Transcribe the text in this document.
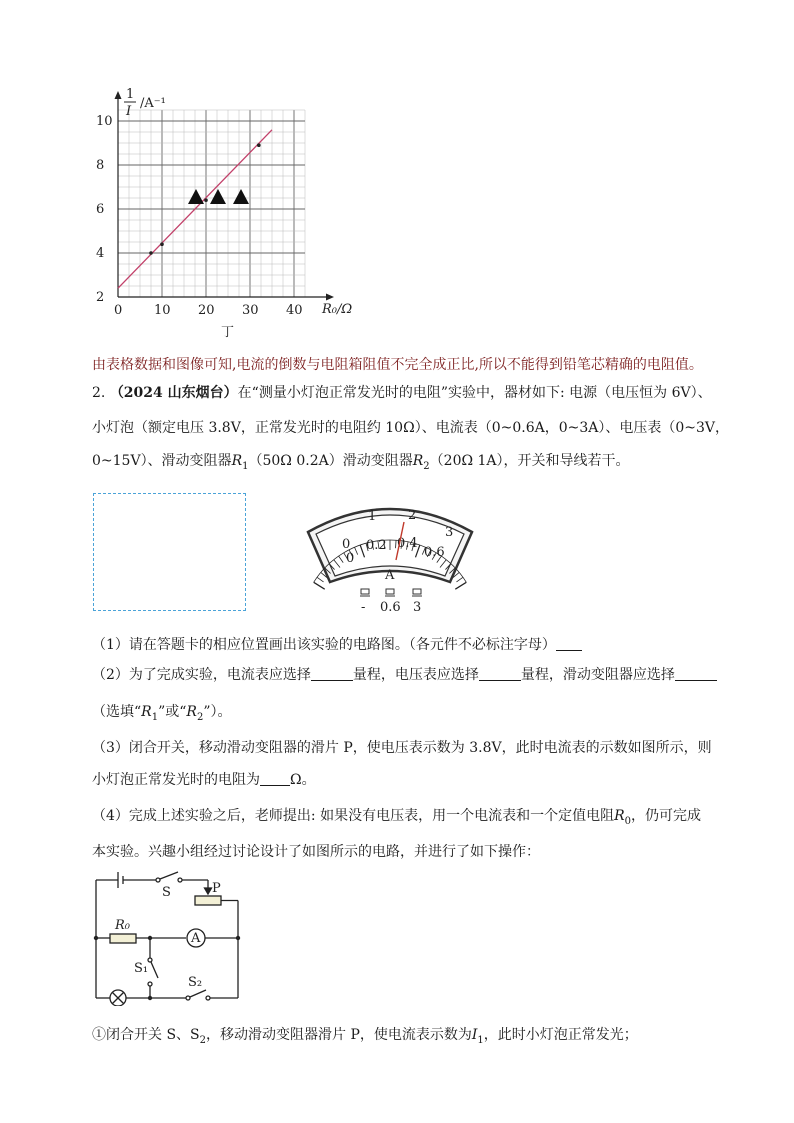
2
4
6
8
10
0 10 20 30 40
1
I
/A⁻¹
R₀/Ω
丁
由表格数据和图像可知,电流的倒数与电阻箱阻值不完全成正比,所以不能得到铅笔芯精确的电阻值。
2. （2024 山东烟台）在“测量小灯泡正常发光时的电阻”实验中，器材如下: 电源（电压恒为 6V）、
小灯泡（额定电压 3.8V，正常发光时的电阻约 10Ω）、电流表（0~0.6A，0~3A）、电压表（0~3V，
0~15V）、滑动变阻器$R_1(50\Omega$ 0.2A）滑动变阻器$R_2(20\Omega$ 1A），开关和导线若干。
0
1 2
3
0
0.2 0.4
0.6
A
- 0.6 3
（1）请在答题卡的相应位置画出该实验的电路图。（各元件不必标注字母）
（2）为了完成实验，电流表应选择	量程，电压表应选择	量程，滑动变阻器应选择
（选填“$R_1$”或“$R_2$”）。
（3）闭合开关，移动滑动变阻器的滑片 P，使电压表示数为 3.8V，此时电流表的示数如图所示，则
小灯泡正常发光时的电阻为 Ω。
（4）完成上述实验之后，老师提出: 如果没有电压表，用一个电流表和一个定值电阻$R_0$，仍可完成
本实验。兴趣小组经过讨论设计了如图所示的电路，并进行了如下操作：
S	P
R₀
A
S₁
S₂
①闭合开关 S、$S_2$，移动滑动变阻器滑片 P，使电流表示数为$I_1$，此时小灯泡正常发光；
